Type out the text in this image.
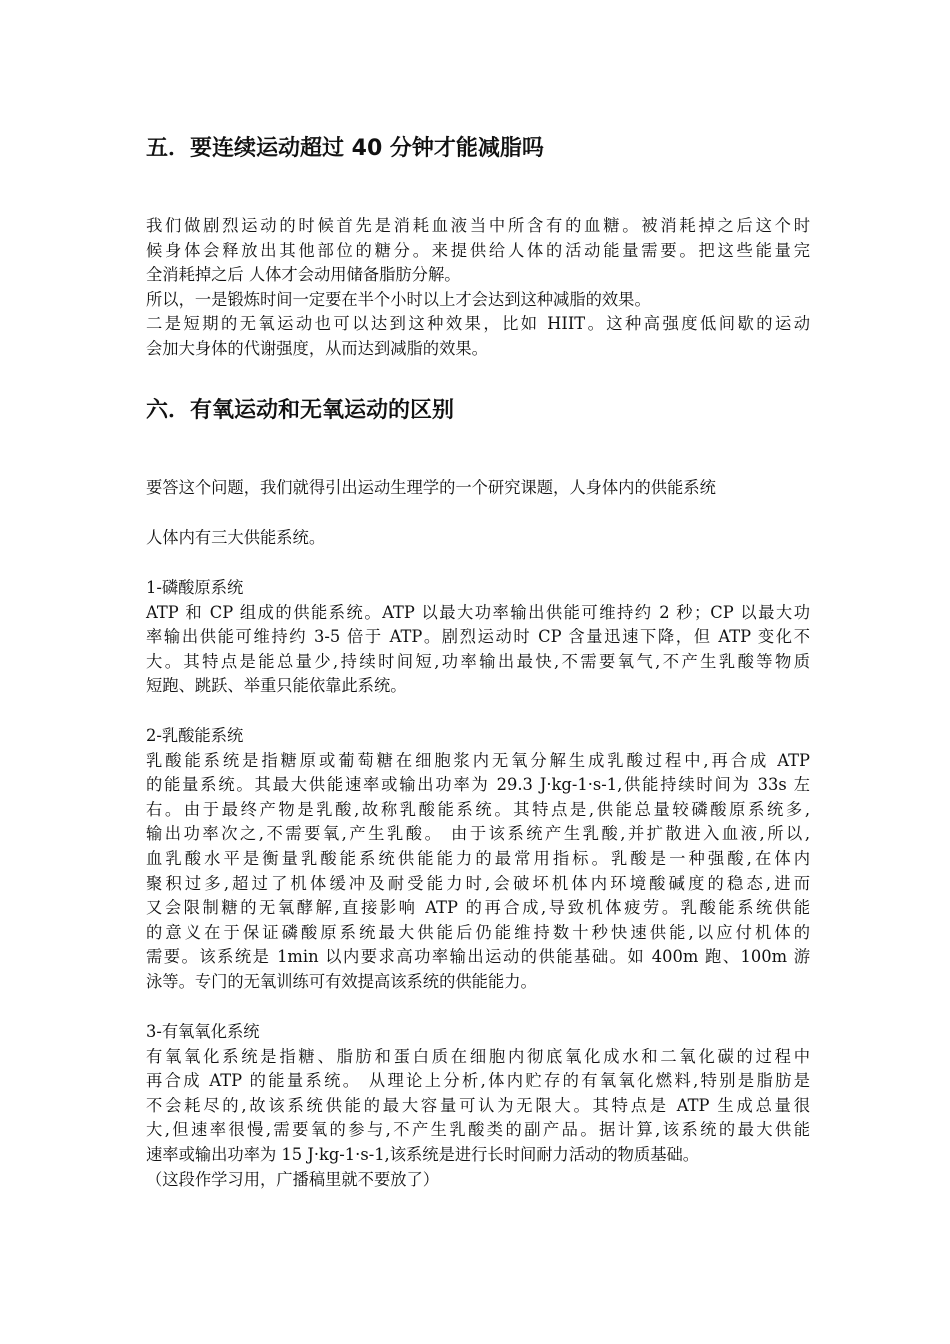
五．要连续运动超过 40 分钟才能减脂吗
我们做剧烈运动的时候首先是消耗血液当中所含有的血糖。被消耗掉之后这个时
候身体会释放出其他部位的糖分。来提供给人体的活动能量需要。把这些能量完
全消耗掉之后 人体才会动用储备脂肪分解。
所以，一是锻炼时间一定要在半个小时以上才会达到这种减脂的效果。
二是短期的无氧运动也可以达到这种效果，比如 HIIT。这种高强度低间歇的运动
会加大身体的代谢强度，从而达到减脂的效果。
六．有氧运动和无氧运动的区别
要答这个问题，我们就得引出运动生理学的一个研究课题，人身体内的供能系统
人体内有三大供能系统。
1-磷酸原系统
ATP 和 CP 组成的供能系统。ATP 以最大功率输出供能可维持约 2 秒；CP 以最大功
率输出供能可维持约 3-5 倍于 ATP。剧烈运动时 CP 含量迅速下降，但 ATP 变化不
大。其特点是能总量少,持续时间短,功率输出最快,不需要氧气,不产生乳酸等物质
短跑、跳跃、举重只能依靠此系统。
2-乳酸能系统
乳酸能系统是指糖原或葡萄糖在细胞浆内无氧分解生成乳酸过程中,再合成 ATP
的能量系统。其最大供能速率或输出功率为 29.3 J·kg-1·s-1,供能持续时间为 33s 左
右。由于最终产物是乳酸,故称乳酸能系统。其特点是,供能总量较磷酸原系统多,
输出功率次之,不需要氧,产生乳酸。 由于该系统产生乳酸,并扩散进入血液,所以,
血乳酸水平是衡量乳酸能系统供能能力的最常用指标。乳酸是一种强酸,在体内
聚积过多,超过了机体缓冲及耐受能力时,会破坏机体内环境酸碱度的稳态,进而
又会限制糖的无氧酵解,直接影响 ATP 的再合成,导致机体疲劳。乳酸能系统供能
的意义在于保证磷酸原系统最大供能后仍能维持数十秒快速供能,以应付机体的
需要。该系统是 1min 以内要求高功率输出运动的供能基础。如 400m 跑、100m 游
泳等。专门的无氧训练可有效提高该系统的供能能力。
3-有氧氧化系统
有氧氧化系统是指糖、脂肪和蛋白质在细胞内彻底氧化成水和二氧化碳的过程中
再合成 ATP 的能量系统。 从理论上分析,体内贮存的有氧氧化燃料,特别是脂肪是
不会耗尽的,故该系统供能的最大容量可认为无限大。其特点是 ATP 生成总量很
大,但速率很慢,需要氧的参与,不产生乳酸类的副产品。据计算,该系统的最大供能
速率或输出功率为 15 J·kg-1·s-1,该系统是进行长时间耐力活动的物质基础。
（这段作学习用，广播稿里就不要放了）
